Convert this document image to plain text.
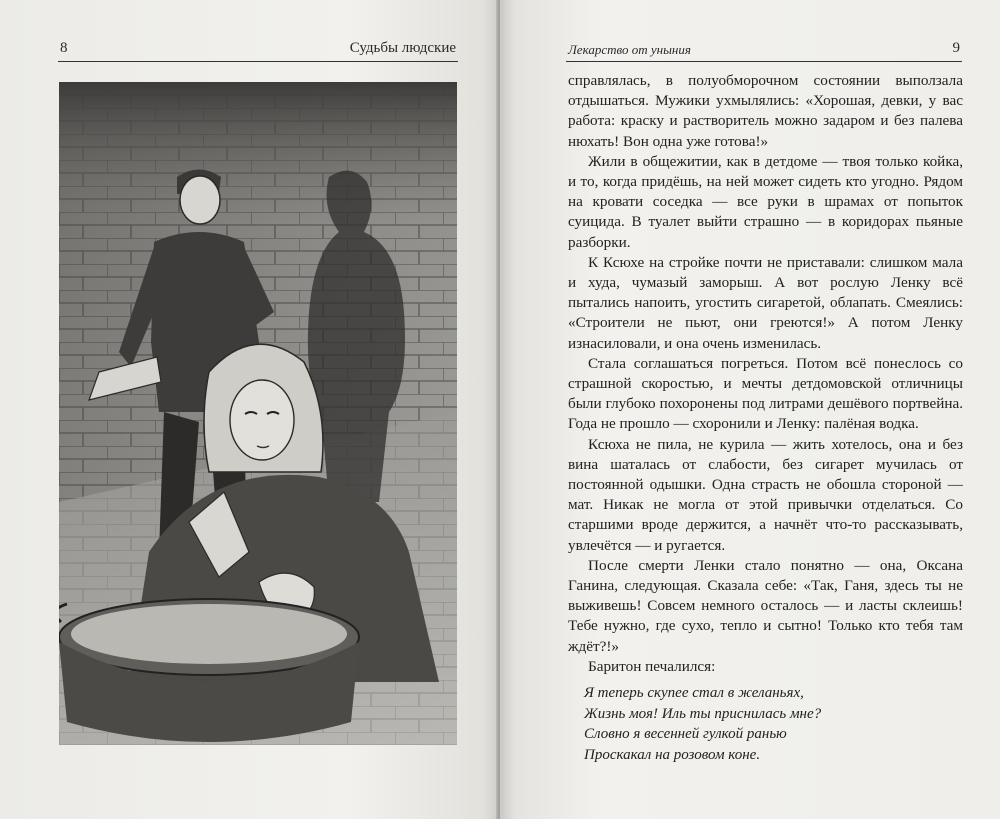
8	Судьбы людские	Лекарство от уныния	9

справлялась, в полуобморочном состоянии выползала отдышаться. Мужики ухмылялись: «Хорошая, девки, у вас работа: краску и растворитель можно задаром и без палева нюхать! Вон одна уже готова!»

Жили в общежитии, как в детдоме — твоя только койка, и то, когда придёшь, на ней может сидеть кто угодно. Рядом на кровати соседка — все руки в шрамах от попыток суицида. В туалет выйти страшно — в коридорах пьяные разборки.

К Ксюхе на стройке почти не приставали: слишком мала и худа, чумазый заморыш. А вот рослую Ленку всё пытались напоить, угостить сигаретой, облапать. Смеялись: «Строители не пьют, они греются!» А потом Ленку изнасиловали, и она очень изменилась.

Стала соглашаться погреться. Потом всё понеслось со страшной скоростью, и мечты детдомовской отличницы были глубоко похоронены под литрами дешёвого портвейна. Года не прошло — схоронили и Ленку: палёная водка.

Ксюха не пила, не курила — жить хотелось, она и без вина шаталась от слабости, без сигарет мучилась от постоянной одышки. Одна страсть не обошла стороной — мат. Никак не могла от этой привычки отделаться. Со старшими вроде держится, а начнёт что-то рассказывать, увлечётся — и ругается.

После смерти Ленки стало понятно — она, Оксана Ганина, следующая. Сказала себе: «Так, Ганя, здесь ты не выживешь! Совсем немного осталось — и ласты склеишь! Тебе нужно, где сухо, тепло и сытно! Только кто тебя там ждёт?!»

Баритон печалился:

Я теперь скупее стал в желаньях,
Жизнь моя! Иль ты приснилась мне?
Словно я весенней гулкой ранью
Проскакал на розовом коне.
